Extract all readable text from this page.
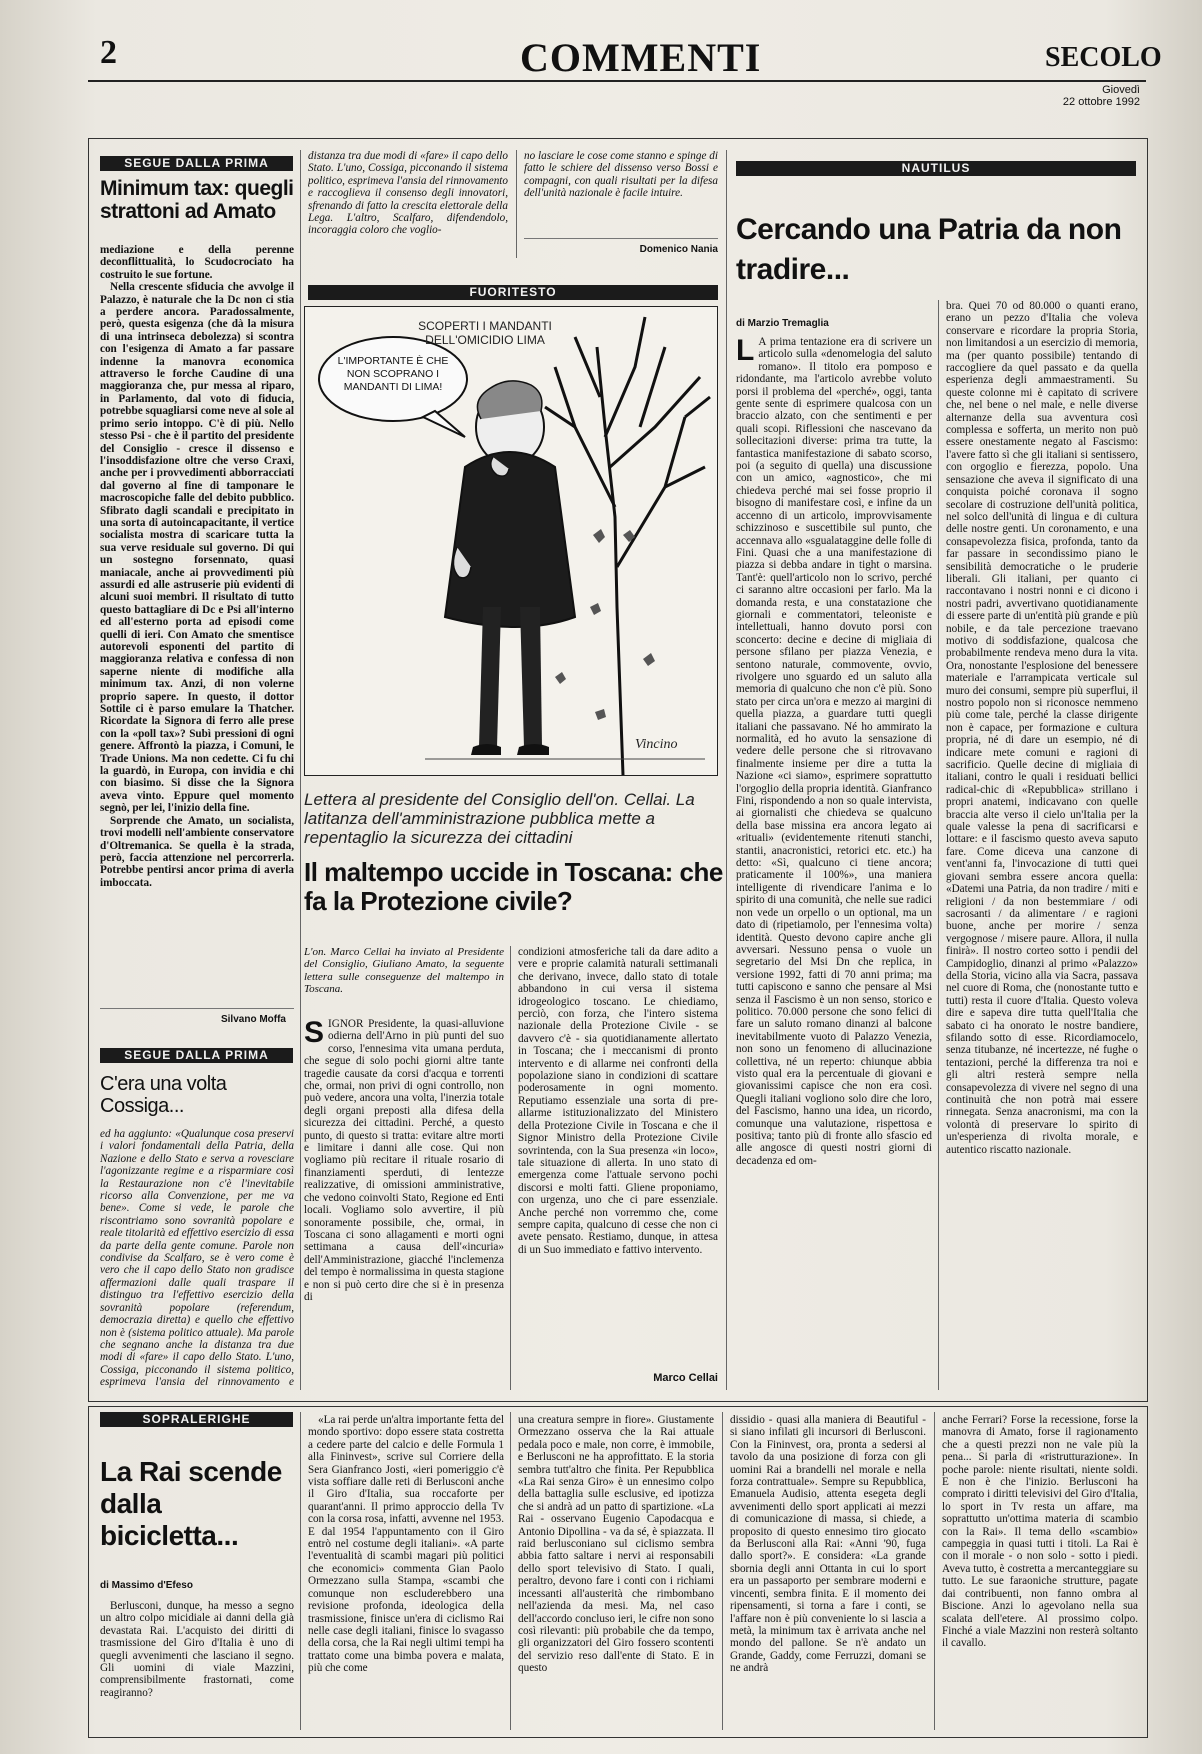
2	COMMENTI	SECOLO
Giovedì
22 ottobre 1992
SEGUE DALLA PRIMA
Minimum tax: quegli strattoni ad Amato

mediazione e della perenne deconflittualità, lo Scudocrociato ha costruito le sue fortune.

Nella crescente sfiducia che avvolge il Palazzo, è naturale che la Dc non ci stia a perdere ancora. Paradossalmente, però, questa esigenza (che dà la misura di una intrinseca debolezza) si scontra con l'esigenza di Amato a far passare indenne la manovra economica attraverso le forche Caudine di una maggioranza che, pur messa al riparo, in Parlamento, dal voto di fiducia, potrebbe squagliarsi come neve al sole al primo serio intoppo. C'è di più. Nello stesso Psi - che è il partito del presidente del Consiglio - cresce il dissenso e l'insoddisfazione oltre che verso Craxi, anche per i provvedimenti abborracciati dal governo al fine di tamponare le macroscopiche falle del debito pubblico. Sfibrato dagli scandali e precipitato in una sorta di autoincapacitante, il vertice socialista mostra di scaricare tutta la sua verve residuale sul governo. Di qui un sostegno forsennato, quasi maniacale, anche ai provvedimenti più assurdi ed alle astruserie più evidenti di alcuni suoi membri. Il risultato di tutto questo battagliare di Dc e Psi all'interno ed all'esterno porta ad episodi come quelli di ieri. Con Amato che smentisce autorevoli esponenti del partito di maggioranza relativa e confessa di non saperne niente di modifiche alla minimum tax. Anzi, di non volerne proprio sapere. In questo, il dottor Sottile ci è parso emulare la Thatcher. Ricordate la Signora di ferro alle prese con la «poll tax»? Subì pressioni di ogni genere. Affrontò la piazza, i Comuni, le Trade Unions. Ma non cedette. Ci fu chi la guardò, in Europa, con invidia e chi con biasimo. Si disse che la Signora aveva vinto. Eppure quel momento segnò, per lei, l'inizio della fine.

Sorprende che Amato, un socialista, trovi modelli nell'ambiente conservatore d'Oltremanica. Se quella è la strada, però, faccia attenzione nel percorrerla. Potrebbe pentirsi ancor prima di averla imboccata.

Silvano Moffa
SEGUE DALLA PRIMA
C'era una volta Cossiga...

ed ha aggiunto: «Qualunque cosa preservi i valori fondamentali della Patria, della Nazione e dello Stato e serva a rovesciare l'agonizzante regime e a risparmiare così la Restaurazione non c'è l'inevitabile ricorso alla Convenzione, per me va bene». Come si vede, le parole che riscontriamo sono sovranità popolare e reale titolarità ed effettivo esercizio di essa da parte della gente comune. Parole non condivise da Scalfaro, se è vero come è vero che il capo dello Stato non gradisce affermazioni dalle quali traspare il distinguo tra l'effettivo esercizio della sovranità popolare (referendum, democrazia diretta) e quello che effettivo non è (sistema politico attuale). Ma parole che segnano anche la distanza tra due modi di «fare» il capo dello Stato. L'uno, Cossiga, picconando il sistema politico, esprimeva l'ansia del rinnovamento e

distanza tra due modi di «fare» il capo dello Stato. L'uno, Cossiga, picconando il sistema politico, esprimeva l'ansia del rinnovamento e raccoglieva il consenso degli innovatori, sfrenando di fatto la crescita elettorale della Lega. L'altro, Scalfaro, difendendolo, incoraggia coloro che voglio-

no lasciare le cose come stanno e spinge di fatto le schiere del dissenso verso Bossi e compagni, con quali risultati per la difesa dell'unità nazionale è facile intuire.

Domenico Nania
FUORITESTO
SCOPERTI I MANDANTI DELL'OMICIDIO LIMA
L'IMPORTANTE È CHE NON SCOPRANO I MANDANTI DI LIMA!
Vincino
Lettera al presidente del Consiglio dell'on. Cellai. La latitanza dell'amministrazione pubblica mette a repentaglio la sicurezza dei cittadini
Il maltempo uccide in Toscana: che fa la Protezione civile?
L'on. Marco Cellai ha inviato al Presidente del Consiglio, Giuliano Amato, la seguente lettera sulle conseguenze del maltempo in Toscana.
SIGNOR Presidente, la quasi-alluvione odierna dell'Arno in più punti del suo corso, l'ennesima vita umana perduta, che segue di solo pochi giorni altre tante tragedie causate da corsi d'acqua e torrenti che, ormai, non privi di ogni controllo, non può vedere, ancora una volta, l'inerzia totale degli organi preposti alla difesa della sicurezza dei cittadini. Perché, a questo punto, di questo si tratta: evitare altre morti e limitare i danni alle cose. Qui non vogliamo più recitare il rituale rosario di finanziamenti sperduti, di lentezze realizzative, di omissioni amministrative, che vedono coinvolti Stato, Regione ed Enti locali. Vogliamo solo avvertire, il più sonoramente possibile, che, ormai, in Toscana ci sono allagamenti e morti ogni settimana a causa dell'«incuria» dell'Amministrazione, giacché l'inclemenza del tempo è normalissima in questa stagione e non si può certo dire che si è in presenza di

condizioni atmosferiche tali da dare adito a vere e proprie calamità naturali settimanali che derivano, invece, dallo stato di totale abbandono in cui versa il sistema idrogeologico toscano. Le chiediamo, perciò, con forza, che l'intero sistema nazionale della Protezione Civile - se davvero c'è - sia quotidianamente allertato in Toscana; che i meccanismi di pronto intervento e di allarme nei confronti della popolazione siano in condizioni di scattare poderosamente in ogni momento. Reputiamo essenziale una sorta di pre-allarme istituzionalizzato del Ministero della Protezione Civile in Toscana e che il Signor Ministro della Protezione Civile sovrintenda, con la Sua presenza «in loco», tale situazione di allerta. In uno stato di emergenza come l'attuale servono pochi discorsi e molti fatti. Gliene proponiamo, con urgenza, uno che ci pare essenziale. Anche perché non vorremmo che, come sempre capita, qualcuno di cesse che non ci avete pensato. Restiamo, dunque, in attesa di un Suo immediato e fattivo intervento.

Marco Cellai
NAUTILUS
Cercando una Patria da non tradire...
di Marzio Tremaglia
L A prima tentazione era di scrivere un articolo sulla «denomelogia del saluto romano». Il titolo era pomposo e ridondante, ma l'articolo avrebbe voluto porsi il problema del «perché», oggi, tanta gente sente di esprimere qualcosa con un braccio alzato, con che sentimenti e per quali scopi. Riflessioni che nascevano da sollecitazioni diverse: prima tra tutte, la fantastica manifestazione di sabato scorso, poi (a seguito di quella) una discussione con un amico, «agnostico», che mi chiedeva perché mai sei fosse proprio il bisogno di manifestare così, e infine da un accenno di un articolo, improvvisamente schizzinoso e suscettibile sul punto, che accennava allo «sgualataggine delle folle di Fini. Quasi che a una manifestazione di piazza si debba andare in tight o marsina. Tant'è: quell'articolo non lo scrivo, perché ci saranno altre occasioni per farlo. Ma la domanda resta, e una constatazione che giornali e commentatori, teleoniste e intellettuali, hanno dovuto porsi con sconcerto: decine e decine di migliaia di persone sfilano per piazza Venezia, e sentono naturale, commovente, ovvio, rivolgere uno sguardo ed un saluto alla memoria di qualcuno che non c'è più. Sono stato per circa un'ora e mezzo ai margini di quella piazza, a guardare tutti quegli italiani che passavano. Né ho ammirato la normalità, ed ho avuto la sensazione di vedere delle persone che si ritrovavano finalmente insieme per dire a tutta la Nazione «ci siamo», esprimere soprattutto l'orgoglio della propria identità. Gianfranco Fini, rispondendo a non so quale intervista, ai giornalisti che chiedeva se qualcuno della base missina era ancora legato ai «rituali» (evidentemente ritenuti stanchi, stantii, anacronistici, retorici etc. etc.) ha detto: «Sì, qualcuno ci tiene ancora; praticamente il 100%», una maniera intelligente di rivendicare l'anima e lo spirito di una comunità, che nelle sue radici non vede un orpello o un optional, ma un dato di (ripetiamolo, per l'ennesima volta) identità. Questo devono capire anche gli avversari. Nessuno pensa o vuole un segretario del Msi Dn che replica, in versione 1992, fatti di 70 anni prima; ma tutti capiscono e sanno che pensare al Msi senza il Fascismo è un non senso, storico e politico. 70.000 persone che sono felici di fare un saluto romano dinanzi al balcone inevitabilmente vuoto di Palazzo Venezia, non sono un fenomeno di allucinazione collettiva, né un reperto: chiunque abbia visto qual era la percentuale di giovani e giovanissimi capisce che non era così. Quegli italiani vogliono solo dire che loro, del Fascismo, hanno una idea, un ricordo, comunque una valutazione, rispettosa e positiva; tanto più di fronte allo sfascio ed alle angosce di questi nostri giorni di decadenza ed om-

bra. Quei 70 od 80.000 o quanti erano, erano un pezzo d'Italia che voleva conservare e ricordare la propria Storia, non limitandosi a un esercizio di memoria, ma (per quanto possibile) tentando di raccogliere da quel passato e da quella esperienza degli ammaestramenti. Su queste colonne mi è capitato di scrivere che, nel bene o nel male, e nelle diverse alternanze della sua avventura così complessa e sofferta, un merito non può essere onestamente negato al Fascismo: l'avere fatto sì che gli italiani si sentissero, con orgoglio e fierezza, popolo. Una sensazione che aveva il significato di una conquista poiché coronava il sogno secolare di costruzione dell'unità politica, nel solco dell'unità di lingua e di cultura delle nostre genti. Un coronamento, e una consapevolezza fisica, profonda, tanto da far passare in secondissimo piano le sensibilità democratiche o le pruderie liberali. Gli italiani, per quanto ci raccontavano i nostri nonni e ci dicono i nostri padri, avvertivano quotidianamente di essere parte di un'entità più grande e più nobile, e da tale percezione traevano motivo di soddisfazione, qualcosa che probabilmente rendeva meno dura la vita. Ora, nonostante l'esplosione del benessere materiale e l'arrampicata verticale sul muro dei consumi, sempre più superflui, il nostro popolo non si riconosce nemmeno più come tale, perché la classe dirigente non è capace, per formazione e cultura propria, né di dare un esempio, né di indicare mete comuni e ragioni di sacrificio. Quelle decine di migliaia di italiani, contro le quali i residuati bellici radical-chic di «Repubblica» strillano i propri anatemi, indicavano con quelle braccia alte verso il cielo un'Italia per la quale valesse la pena di sacrificarsi e lottare: e il fascismo questo aveva saputo fare. Come diceva una canzone di vent'anni fa, l'invocazione di tutti quei giovani sembra essere ancora quella: «Datemi una Patria, da non tradire / miti e religioni / da non bestemmiare / odi sacrosanti / da alimentare / e ragioni buone, anche per morire / senza vergognose / misere paure. Allora, il nulla finirà». Il nostro corteo sotto i pendii del Campidoglio, dinanzi al primo «Palazzo» della Storia, vicino alla via Sacra, passava nel cuore di Roma, che (nonostante tutto e tutti) resta il cuore d'Italia. Questo voleva dire e sapeva dire tutta quell'Italia che sabato ci ha onorato le nostre bandiere, sfilando sotto di esse. Ricordiamocelo, senza titubanze, né incertezze, né fughe o tentazioni, perché la differenza tra noi e gli altri resterà sempre nella consapevolezza di vivere nel segno di una continuità che non potrà mai essere rinnegata. Senza anacronismi, ma con la volontà di preservare lo spirito di un'esperienza di rivolta morale, e autentico riscatto nazionale.

SOPRALERIGHE
La Rai scende dalla bicicletta...
di Massimo d'Efeso

Berlusconi, dunque, ha messo a segno un altro colpo micidiale ai danni della già devastata Rai. L'acquisto dei diritti di trasmissione del Giro d'Italia è uno di quegli avvenimenti che lasciano il segno. Gli uomini di viale Mazzini, comprensibilmente frastornati, come reagiranno?

«La rai perde un'altra importante fetta del mondo sportivo: dopo essere stata costretta a cedere parte del calcio e delle Formula 1 alla Fininvest», scrive sul Corriere della Sera Gianfranco Josti, «ieri pomeriggio c'è vista soffiare dalle reti di Berlusconi anche il Giro d'Italia, sua roccaforte per quarant'anni. Il primo approccio della Tv con la corsa rosa, infatti, avvenne nel 1953. E dal 1954 l'appuntamento con il Giro entrò nel costume degli italiani». «A parte l'eventualità di scambi magari più politici che economici» commenta Gian Paolo Ormezzano sulla Stampa, «scambi che comunque non escluderebbero una revisione profonda, ideologica della trasmissione, finisce un'era di ciclismo Rai nelle case degli italiani, finisce lo svagasso della corsa, che la Rai negli ultimi tempi ha trattato come una bimba povera e malata, più che come

una creatura sempre in fiore». Giustamente Ormezzano osserva che la Rai attuale pedala poco e male, non corre, è immobile, e Berlusconi ne ha approfittato. E la storia sembra tutt'altro che finita. Per Repubblica «La Rai senza Giro» è un ennesimo colpo della battaglia sulle esclusive, ed ipotizza che si andrà ad un patto di spartizione. «La Rai - osservano Eugenio Capodacqua e Antonio Dipollina - va da sé, è spiazzata. Il raid berlusconiano sul ciclismo sembra abbia fatto saltare i nervi ai responsabili dello sport televisivo di Stato. I quali, peraltro, devono fare i conti con i richiami incessanti all'austerità che rimbombano nell'azienda da mesi. Ma, nel caso dell'accordo concluso ieri, le cifre non sono così rilevanti: più probabile che da tempo, gli organizzatori del Giro fossero scontenti del servizio reso dall'ente di Stato. E in questo

dissidio - quasi alla maniera di Beautiful - si siano infilati gli incursori di Berlusconi. Con la Fininvest, ora, pronta a sedersi al tavolo da una posizione di forza con gli uomini Rai a brandelli nel morale e nella forza contrattuale». Sempre su Repubblica, Emanuela Audisio, attenta esegeta degli avvenimenti dello sport applicati ai mezzi di comunicazione di massa, si chiede, a proposito di questo ennesimo tiro giocato da Berlusconi alla Rai: «Anni '90, fuga dallo sport?». E considera: «La grande sbornia degli anni Ottanta in cui lo sport era un passaporto per sembrare moderni e vincenti, sembra finita. E il momento dei ripensamenti, si torna a fare i conti, se l'affare non è più conveniente lo si lascia a metà, la minimum tax è arrivata anche nel mondo del pallone. Se n'è andato un Grande, Gaddy, come Ferruzzi, domani se ne andrà

anche Ferrari? Forse la recessione, forse la manovra di Amato, forse il ragionamento che a questi prezzi non ne vale più la pena... Si parla di «ristrutturazione». In poche parole: niente risultati, niente soldi. E non è che l'inizio. Berlusconi ha comprato i diritti televisivi del Giro d'Italia, lo sport in Tv resta un affare, ma soprattutto un'ottima materia di scambio con la Rai». Il tema dello «scambio» campeggia in quasi tutti i titoli. La Rai è con il morale - o non solo - sotto i piedi. Aveva tutto, è costretta a mercanteggiare su tutto. Le sue faraoniche strutture, pagate dai contribuenti, non fanno ombra al Biscione. Anzi lo agevolano nella sua scalata dell'etere. Al prossimo colpo. Finché a viale Mazzini non resterà soltanto il cavallo.
